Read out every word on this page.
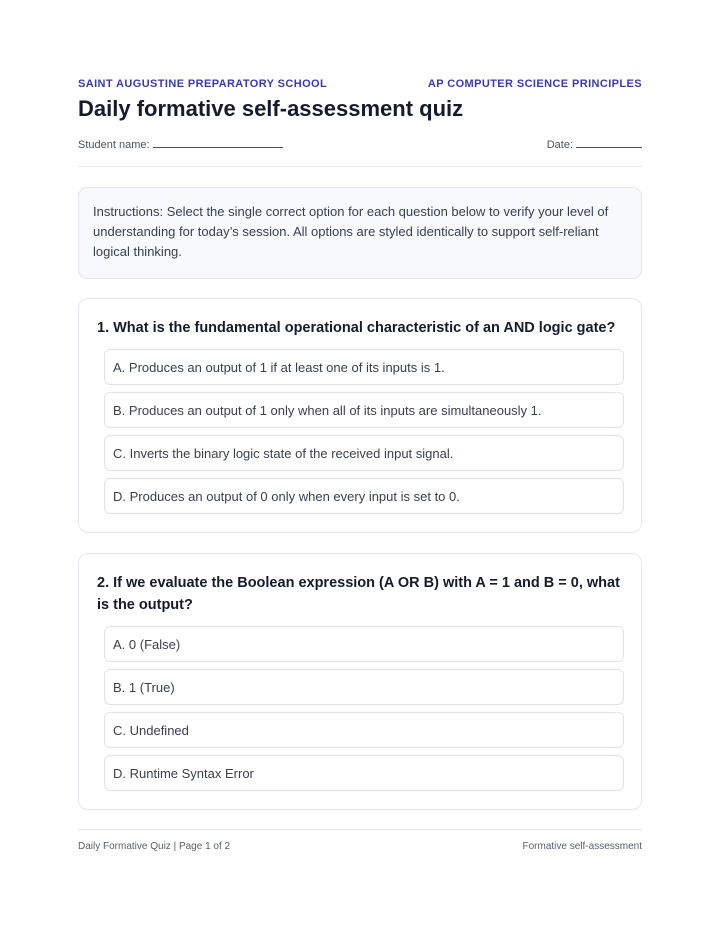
SAINT AUGUSTINE PREPARATORY SCHOOL	AP COMPUTER SCIENCE PRINCIPLES
Daily formative self-assessment quiz
Student name:	Date:
Instructions: Select the single correct option for each question below to verify your level of understanding for today’s session. All options are styled identically to support self-reliant logical thinking.

1. What is the fundamental operational characteristic of an AND logic gate?

A. Produces an output of 1 if at least one of its inputs is 1.
B. Produces an output of 1 only when all of its inputs are simultaneously 1.
C. Inverts the binary logic state of the received input signal.
D. Produces an output of 0 only when every input is set to 0.

2. If we evaluate the Boolean expression (A OR B) with A = 1 and B = 0, what is the output?

A. 0 (False)
B. 1 (True)
C. Undefined
D. Runtime Syntax Error
Daily Formative Quiz | Page 1 of 2	Formative self-assessment
